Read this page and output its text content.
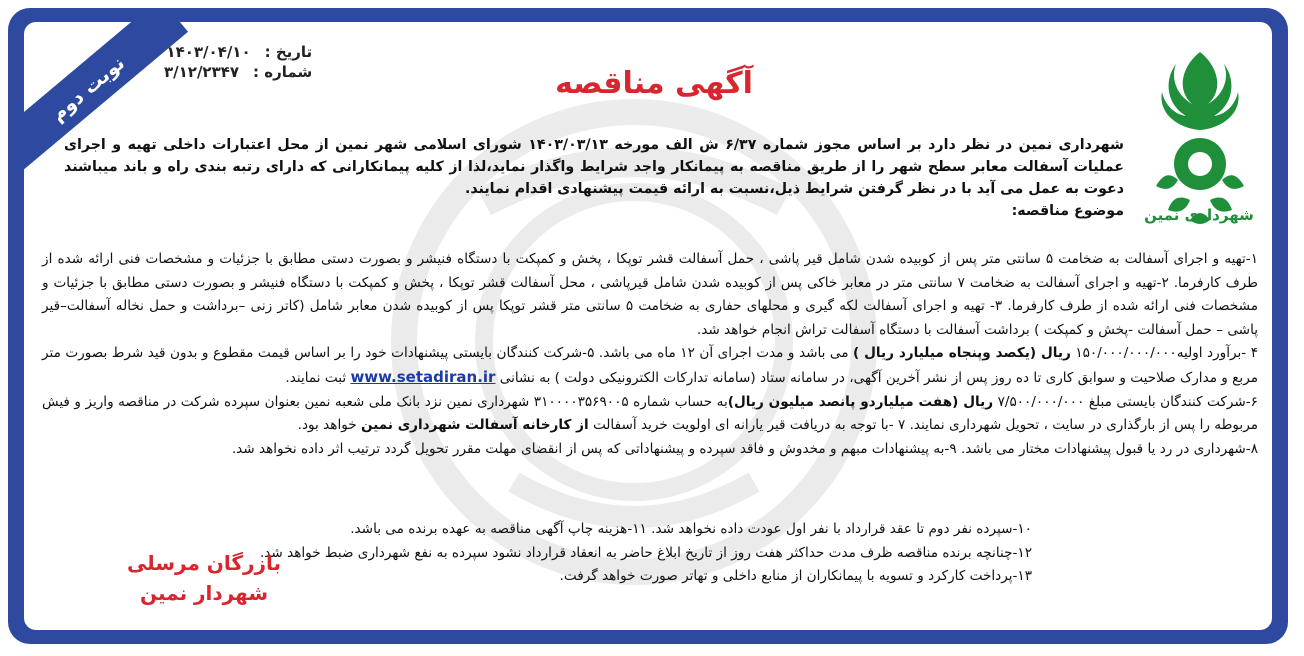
نوبت دوم
تاریخ :
۱۴۰۳/۰۴/۱۰
شماره :
۳/۱۲/۲۳۴۷	آگهی مناقصه
شهرداری نمین
شهرداری نمین در نظر دارد بر اساس مجوز شماره ۶/۳۷ ش الف مورخه ۱۴۰۳/۰۳/۱۳ شورای اسلامی شهر نمین از محل اعتبارات داخلی تهیه و اجرای عملیات آسفالت معابر سطح شهر را از طریق مناقصه به پیمانکار واجد شرایط واگذار نماید،لذا از کلیه پیمانکارانی که دارای رتبه بندی راه و باند میباشند دعوت به عمل می آید با در نظر گرفتن شرایط ذیل،نسبت به ارائه قیمت پیشنهادی اقدام نمایند.
موضوع مناقصه:

۱-تهیه و اجرای آسفالت به ضخامت ۵ سانتی متر پس از کوبیده شدن شامل قیر پاشی ، حمل آسفالت قشر توپکا ، پخش و کمپکت با دستگاه فنیشر و بصورت دستی مطابق با جزئیات و مشخصات فنی ارائه شده از طرف کارفرما. ۲-تهیه و اجرای آسفالت به ضخامت ۷ سانتی متر در معابر خاکی پس از کوبیده شدن شامل قیرپاشی ، محل آسفالت قشر توپکا ، پخش و کمپکت با دستگاه فنیشر و بصورت دستی مطابق با جزئیات و مشخصات فنی ارائه شده از طرف کارفرما. ۳- تهیه و اجرای آسفالت لکه گیری و محلهای حفاری به ضخامت ۵ سانتی متر قشر توپکا پس از کوبیده شدن معابر شامل (کاتر زنی –برداشت و حمل نخاله آسفالت–قیر پاشی – حمل آسفالت -پخش و کمپکت ) برداشت آسفالت با دستگاه آسفالت تراش انجام خواهد شد.

۴ -برآورد اولیه۱۵۰/۰۰۰/۰۰۰/۰۰۰ ریال (یکصد وپنجاه میلیارد ریال ) می باشد و مدت اجرای آن ۱۲ ماه می باشد. ۵-شرکت کنندگان بایستی پیشنهادات خود را بر اساس قیمت مقطوع و بدون قید شرط بصورت متر مربع و مدارک صلاحیت و سوابق کاری تا ده روز پس از نشر آخرین آگهی، در سامانه ستاد (سامانه تدارکات الکترونیکی دولت ) به نشانی www.setadiran.ir ثبت نمایند.

۶-شرکت کنندگان بایستی مبلغ ۷/۵۰۰/۰۰۰/۰۰۰ ریال (هفت میلیاردو پانصد میلیون ریال)به حساب شماره ۳۱۰۰۰۰۳۵۶۹۰۰۵ شهرداری نمین نزد بانک ملی شعبه نمین بعنوان سپرده شرکت در مناقصه واریز و فیش مربوطه را پس از بارگذاری در سایت ، تحویل شهرداری نمایند. ۷ -با توجه به دریافت قیر یارانه ای اولویت خرید آسفالت از کارخانه آسفالت شهرداری نمین خواهد بود.

۸-شهرداری در رد یا قبول پیشنهادات مختار می باشد. ۹-به پیشنهادات مبهم و مخدوش و فاقد سپرده و پیشنهاداتی که پس از انقضای مهلت مقرر تحویل گردد ترتیب اثر داده نخواهد شد.

۱۰-سپرده نفر دوم تا عقد قرارداد با نفر اول عودت داده نخواهد شد. ۱۱-هزینه چاپ آگهی مناقصه به عهده برنده می باشد.

۱۲-چنانچه برنده مناقصه ظرف مدت حداکثر هفت روز از تاریخ ابلاغ حاضر به انعقاد قرارداد نشود سپرده به نفع شهرداری ضبط خواهد شد.

۱۳-پرداخت کارکرد و تسویه با پیمانکاران از منابع داخلی و تهاتر صورت خواهد گرفت.

بازرگان مرسلی
شهردار نمین
